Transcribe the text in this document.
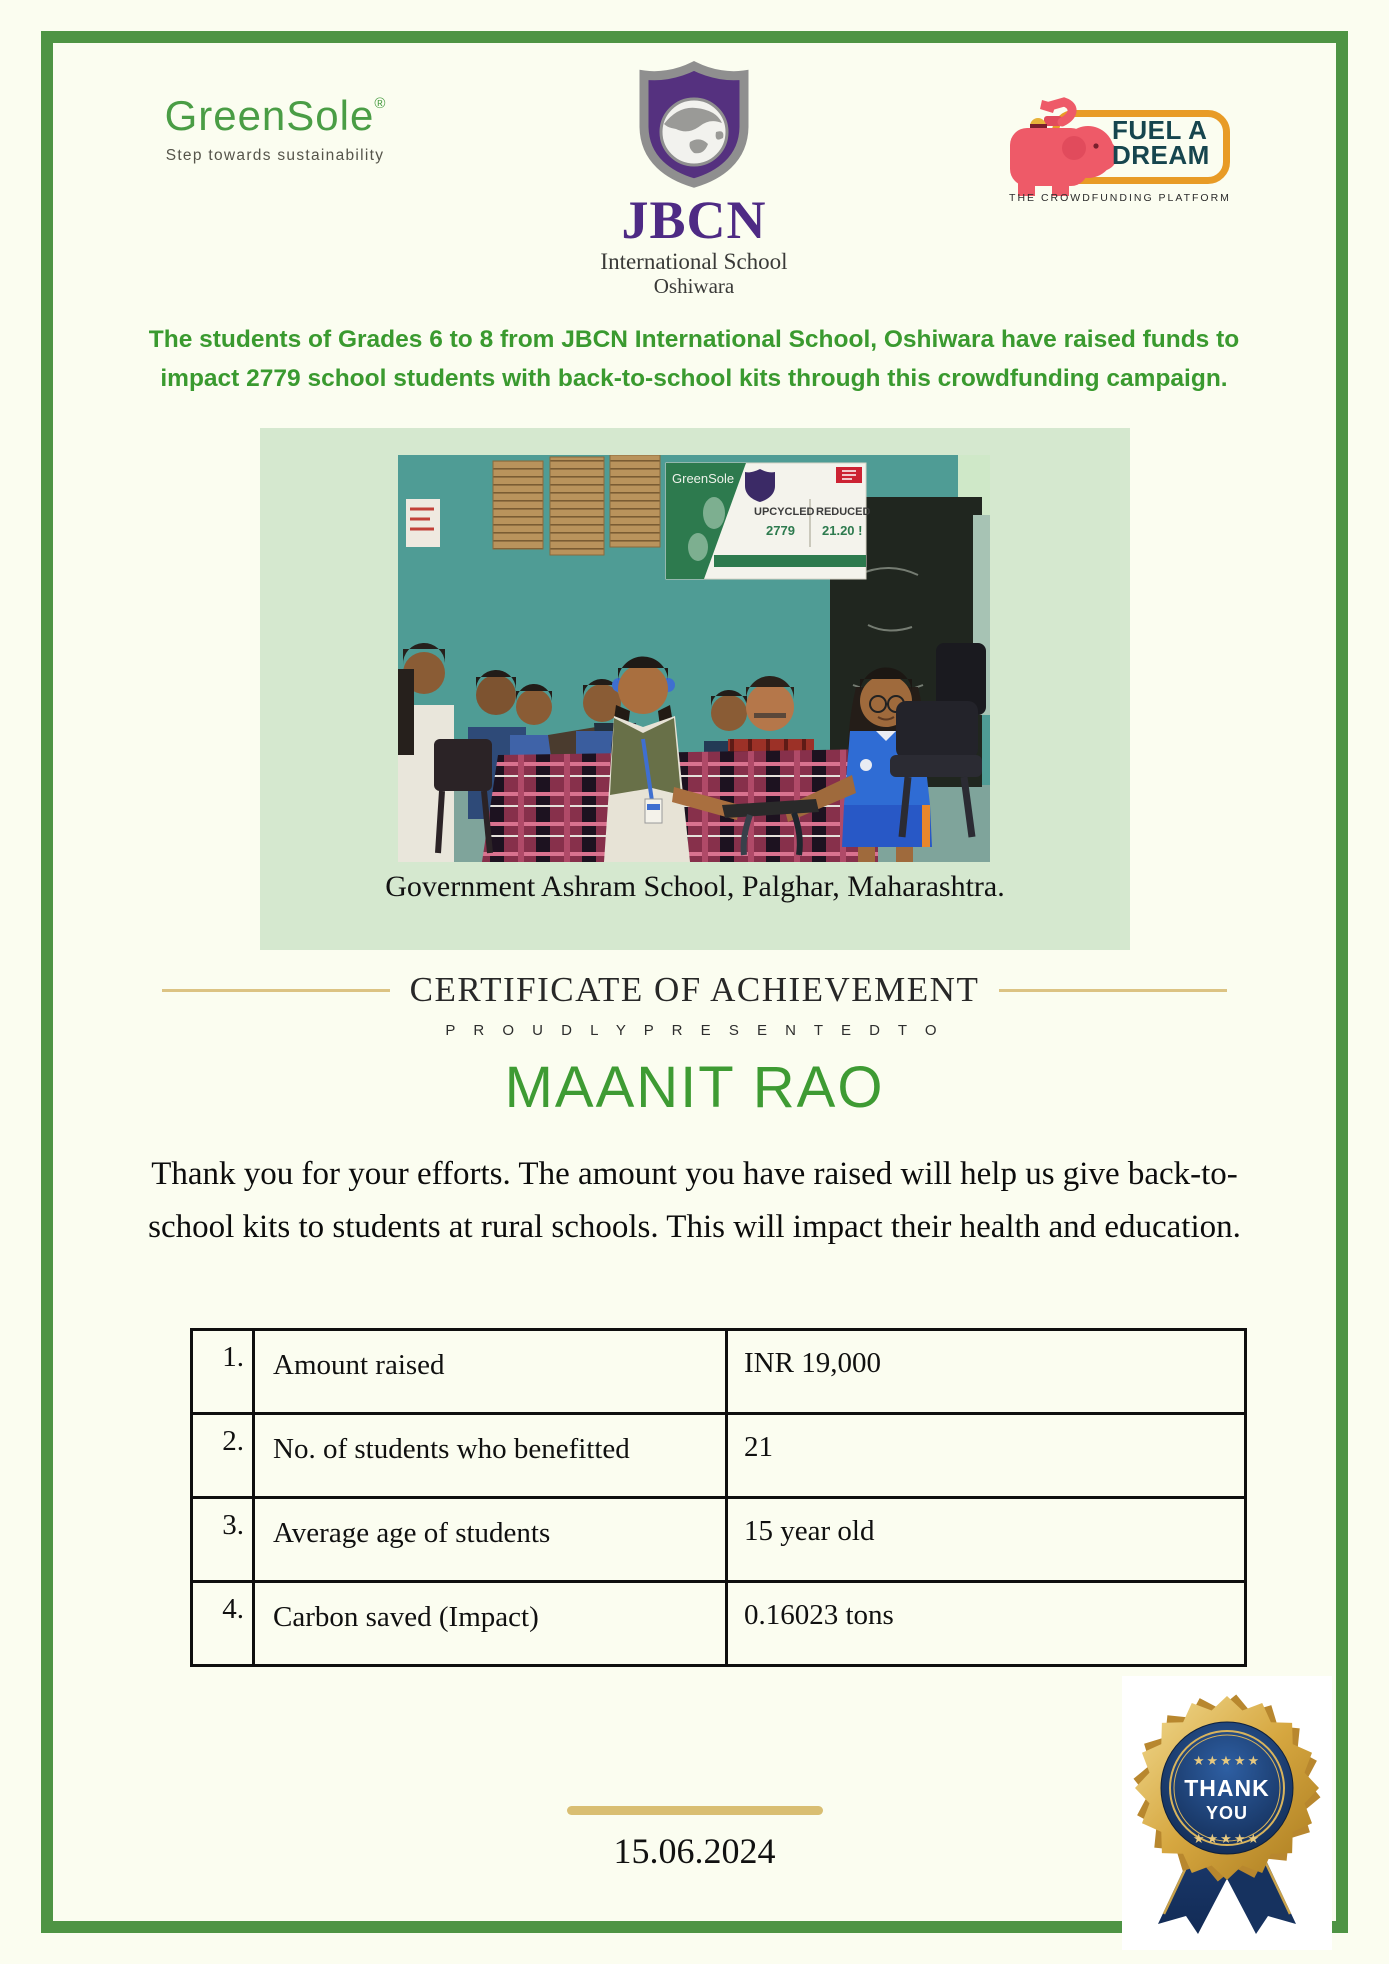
GreenSole®
Step towards sustainability
JBCN
International School
Oshiwara
FUEL A
DREAM
THE CROWDFUNDING PLATFORM
The students of Grades 6 to 8 from JBCN International School, Oshiwara have raised funds to
impact 2779 school students with back-to-school kits through this crowdfunding campaign.
GreenSole
UPCYCLED
2779
REDUCED
21.20 !
Government Ashram School, Palghar, Maharashtra.
CERTIFICATE OF ACHIEVEMENT
P R O U D L Y P R E S E N T E D T O
MAANIT RAO
Thank you for your efforts. The amount you have raised will help us give back-to-
school kits to students at rural schools. This will impact their health and education.
1.	Amount raised	INR 19,000
2.	No. of students who benefitted	21
3.	Average age of students	15 year old
4.	Carbon saved (Impact)	0.16023 tons
15.06.2024
★★★★★
THANK
YOU
★★★★★
